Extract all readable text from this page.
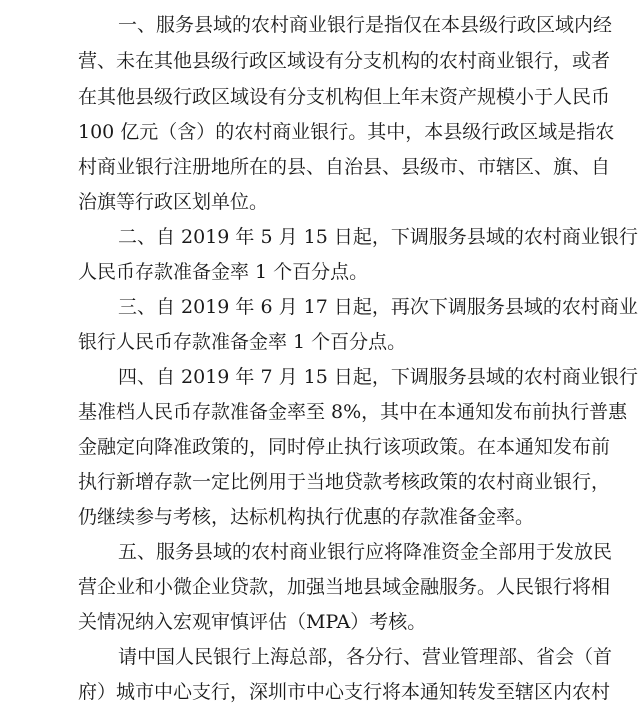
一、服务县域的农村商业银行是指仅在本县级行政区域内经
营、未在其他县级行政区域设有分支机构的农村商业银行，或者
在其他县级行政区域设有分支机构但上年末资产规模小于人民币
100 亿元（含）的农村商业银行。其中，本县级行政区域是指农
村商业银行注册地所在的县、自治县、县级市、市辖区、旗、自
治旗等行政区划单位。
二、自 2019 年 5 月 15 日起，下调服务县域的农村商业银行
人民币存款准备金率 1 个百分点。
三、自 2019 年 6 月 17 日起，再次下调服务县域的农村商业
银行人民币存款准备金率 1 个百分点。
四、自 2019 年 7 月 15 日起，下调服务县域的农村商业银行
基准档人民币存款准备金率至 8%，其中在本通知发布前执行普惠
金融定向降准政策的，同时停止执行该项政策。在本通知发布前
执行新增存款一定比例用于当地贷款考核政策的农村商业银行，
仍继续参与考核，达标机构执行优惠的存款准备金率。
五、服务县域的农村商业银行应将降准资金全部用于发放民
营企业和小微企业贷款，加强当地县域金融服务。人民银行将相
关情况纳入宏观审慎评估（MPA）考核。
请中国人民银行上海总部，各分行、营业管理部、省会（首
府）城市中心支行，深圳市中心支行将本通知转发至辖区内农村
